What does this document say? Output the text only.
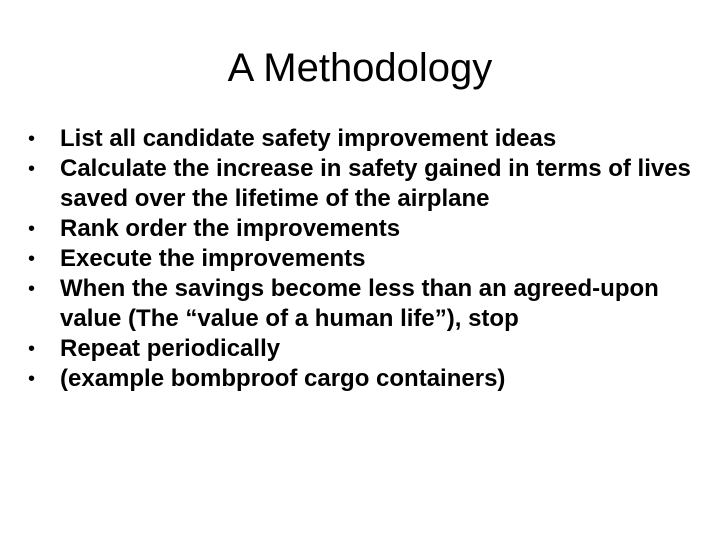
A Methodology
•	List all candidate safety improvement ideas
•	Calculate the increase in safety gained in terms of lives saved over the lifetime of the airplane
•	Rank order the improvements
•	Execute the improvements
•	When the savings become less than an agreed-upon value (The “value of a human life”), stop
•	Repeat periodically
•	(example bombproof cargo containers)
